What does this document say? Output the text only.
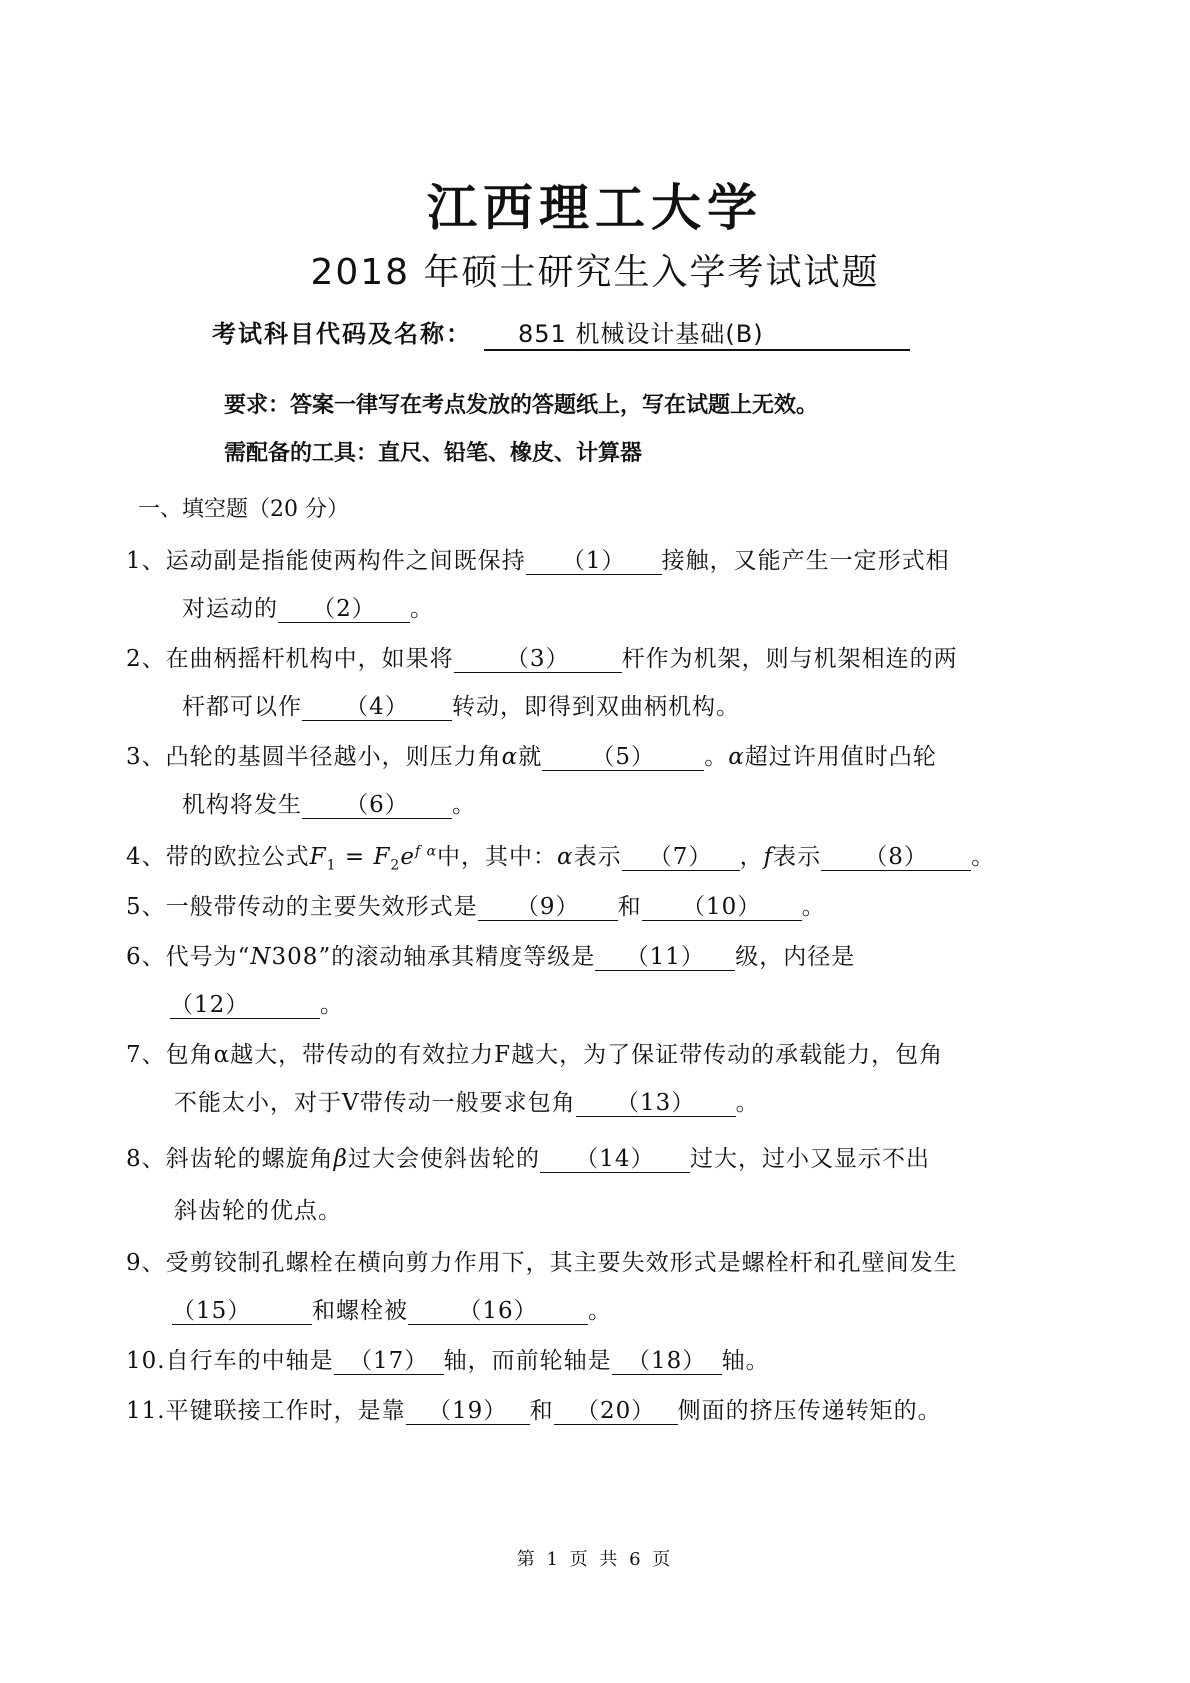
江西理工大学
2018 年硕士研究生入学考试试题
考试科目代码及名称： 851 机械设计基础(B)
要求：答案一律写在考点发放的答题纸上，写在试题上无效。
需配备的工具：直尺、铅笔、橡皮、计算器
一、填空题（20 分）
1、运动副是指能使两构件之间既保持 （1） 接触，又能产生一定形式相
对运动的 （2） 。
2、在曲柄摇杆机构中，如果将 （3） 杆作为机架，则与机架相连的两
杆都可以作 （4） 转动，即得到双曲柄机构。
3、凸轮的基圆半径越小，则压力角α就 （5） 。α超过许用值时凸轮
机构将发生 （6） 。
4、带的欧拉公式$F_1 = F_2e^{f \alpha}$中，其中：α表示 （7） ，f表示 （8） 。
5、一般带传动的主要失效形式是 （9） 和 （10） 。
6、代号为“N308”的滚动轴承其精度等级是 （11） 级，内径是
（12）	。
7、包角α越大，带传动的有效拉力F越大，为了保证带传动的承载能力，包角
不能太小，对于V带传动一般要求包角 （13） 。
8、斜齿轮的螺旋角β过大会使斜齿轮的 （14） 过大，过小又显示不出
斜齿轮的优点。
9、受剪铰制孔螺栓在横向剪力作用下，其主要失效形式是螺栓杆和孔壁间发生
（15）	和螺栓被 （16） 。
10.自行车的中轴是 （17） 轴，而前轮轴是 （18） 轴。
11.平键联接工作时，是靠 （19） 和 （20） 侧面的挤压传递转矩的。
第 1 页 共 6 页
